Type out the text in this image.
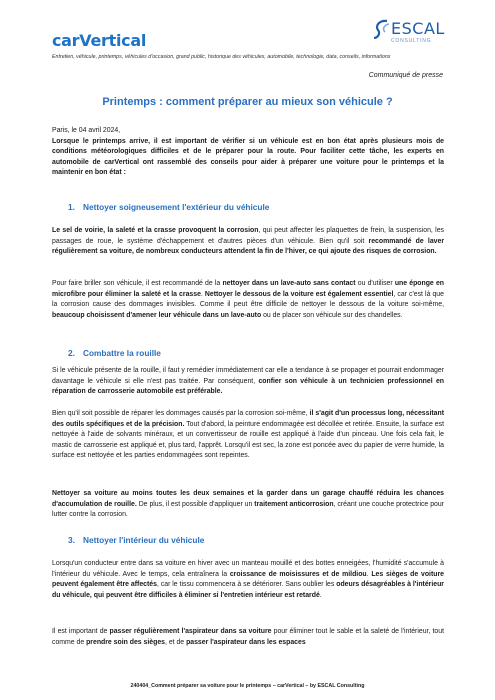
carVertical
ESCAL
CONSULTING
Entretien, véhicule, printemps, véhicules d'occasion, grand public, historique des véhicules, automobile, technologie, data, conseils, informations
Communiqué de presse
Printemps : comment préparer au mieux son véhicule ?

Paris, le 04 avril 2024,

Lorsque le printemps arrive, il est important de vérifier si un véhicule est en bon état après plusieurs mois de conditions météorologiques difficiles et de le préparer pour la route. Pour faciliter cette tâche, les experts en automobile de carVertical ont rassemblé des conseils pour aider à préparer une voiture pour le printemps et la maintenir en bon état :

1. Nettoyer soigneusement l'extérieur du véhicule

Le sel de voirie, la saleté et la crasse provoquent la corrosion, qui peut affecter les plaquettes de frein, la suspension, les passages de roue, le système d'échappement et d'autres pièces d'un véhicule. Bien qu'il soit recommandé de laver régulièrement sa voiture, de nombreux conducteurs attendent la fin de l'hiver, ce qui ajoute des risques de corrosion.

Pour faire briller son véhicule, il est recommandé de la nettoyer dans un lave-auto sans contact ou d'utiliser une éponge en microfibre pour éliminer la saleté et la crasse. Nettoyer le dessous de la voiture est également essentiel, car c'est là que la corrosion cause des dommages invisibles. Comme il peut être difficile de nettoyer le dessous de la voiture soi-même, beaucoup choisissent d'amener leur véhicule dans un lave-auto ou de placer son véhicule sur des chandelles.

2. Combattre la rouille

Si le véhicule présente de la rouille, il faut y remédier immédiatement car elle a tendance à se propager et pourrait endommager davantage le véhicule si elle n'est pas traitée. Par conséquent, confier son véhicule à un technicien professionnel en réparation de carrosserie automobile est préférable.

Bien qu'il soit possible de réparer les dommages causés par la corrosion soi-même, il s'agit d'un processus long, nécessitant des outils spécifiques et de la précision. Tout d'abord, la peinture endommagée est décollée et retirée. Ensuite, la surface est nettoyée à l'aide de solvants minéraux, et un convertisseur de rouille est appliqué à l'aide d'un pinceau. Une fois cela fait, le mastic de carrosserie est appliqué et, plus tard, l'apprêt. Lorsqu'il est sec, la zone est poncée avec du papier de verre humide, la surface est nettoyée et les parties endommagées sont repeintes.

Nettoyer sa voiture au moins toutes les deux semaines et la garder dans un garage chauffé réduira les chances d'accumulation de rouille. De plus, il est possible d'appliquer un traitement anticorrosion, créant une couche protectrice pour lutter contre la corrosion.

3. Nettoyer l'intérieur du véhicule

Lorsqu'un conducteur entre dans sa voiture en hiver avec un manteau mouillé et des bottes enneigées, l'humidité s'accumule à l'intérieur du véhicule. Avec le temps, cela entraînera la croissance de moisissures et de mildiou. Les sièges de voiture peuvent également être affectés, car le tissu commencera à se détériorer. Sans oublier les odeurs désagréables à l'intérieur du véhicule, qui peuvent être difficiles à éliminer si l'entretien intérieur est retardé.

Il est important de passer régulièrement l'aspirateur dans sa voiture pour éliminer tout le sable et la saleté de l'intérieur, tout comme de prendre soin des sièges, et de passer l'aspirateur dans les espaces

240404_Comment préparer sa voiture pour le printemps – carVertical – by ESCAL Consulting
